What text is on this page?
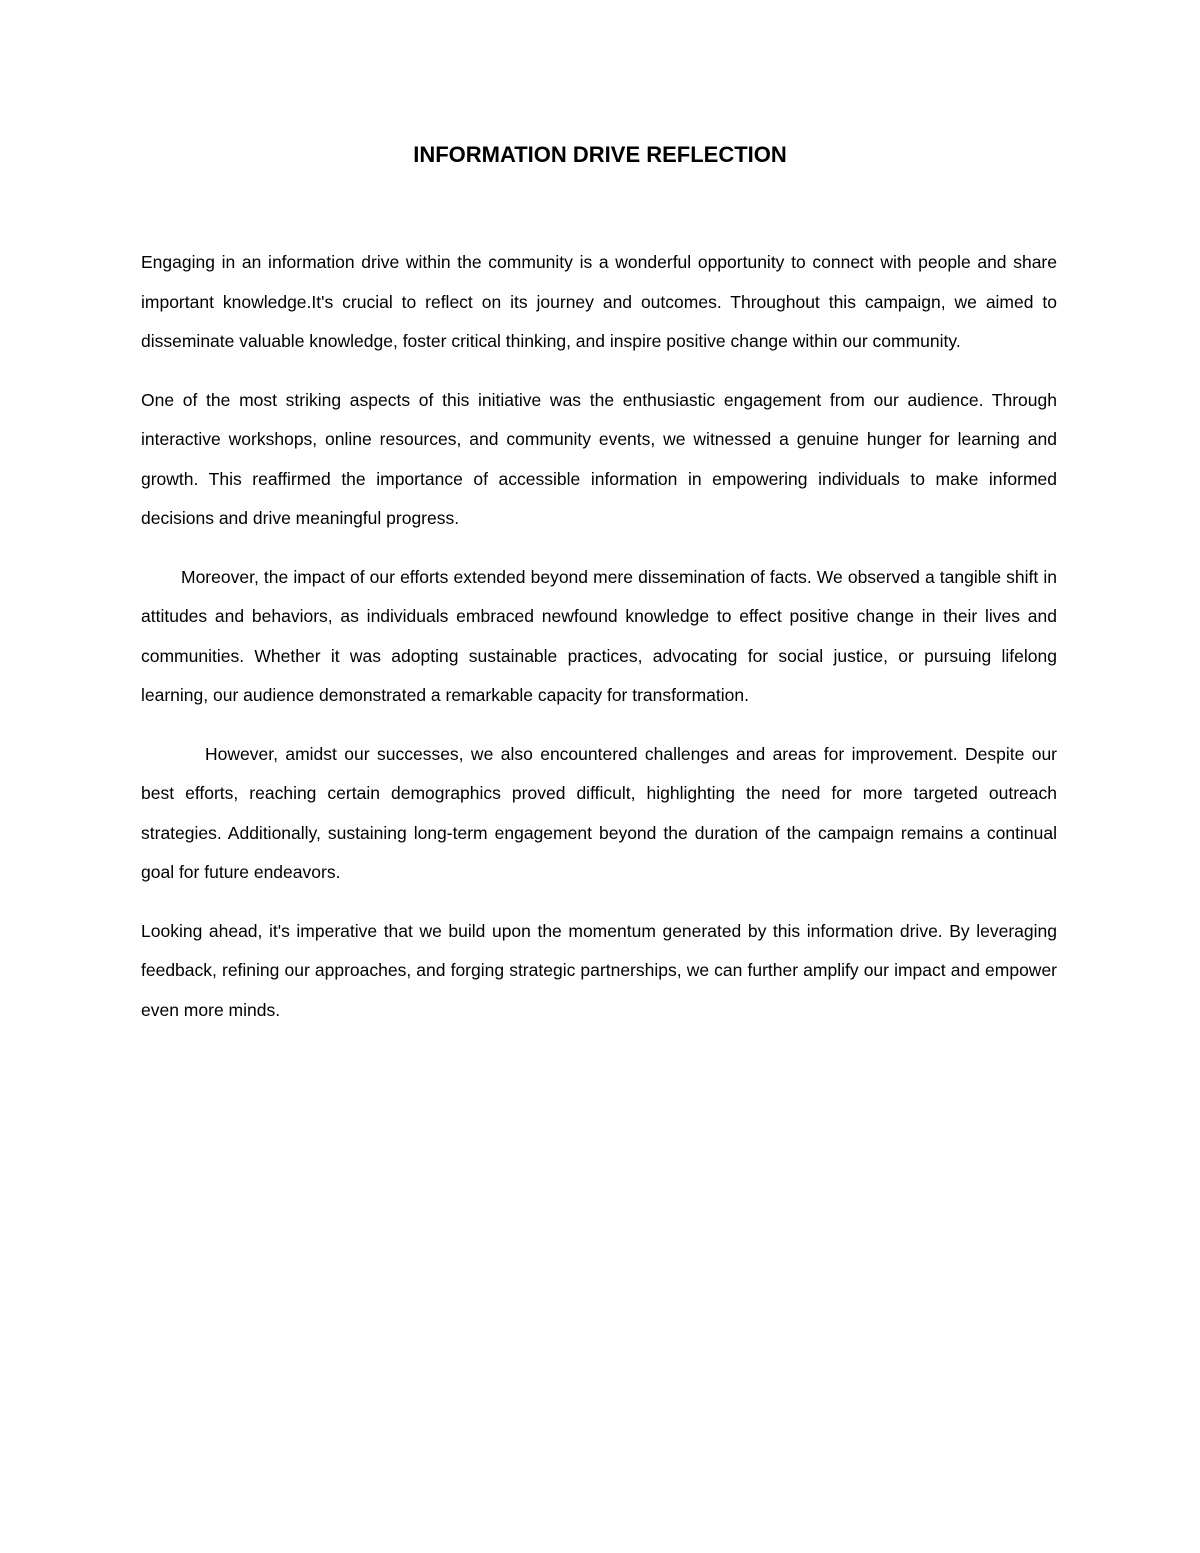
INFORMATION DRIVE REFLECTION

Engaging in an information drive within the community is a wonderful opportunity to connect with people and share important knowledge.It's crucial to reflect on its journey and outcomes. Throughout this campaign, we aimed to disseminate valuable knowledge, foster critical thinking, and inspire positive change within our community.

One of the most striking aspects of this initiative was the enthusiastic engagement from our audience. Through interactive workshops, online resources, and community events, we witnessed a genuine hunger for learning and growth. This reaffirmed the importance of accessible information in empowering individuals to make informed decisions and drive meaningful progress.

Moreover, the impact of our efforts extended beyond mere dissemination of facts. We observed a tangible shift in attitudes and behaviors, as individuals embraced newfound knowledge to effect positive change in their lives and communities. Whether it was adopting sustainable practices, advocating for social justice, or pursuing lifelong learning, our audience demonstrated a remarkable capacity for transformation.

However, amidst our successes, we also encountered challenges and areas for improvement. Despite our best efforts, reaching certain demographics proved difficult, highlighting the need for more targeted outreach strategies. Additionally, sustaining long-term engagement beyond the duration of the campaign remains a continual goal for future endeavors.

Looking ahead, it's imperative that we build upon the momentum generated by this information drive. By leveraging feedback, refining our approaches, and forging strategic partnerships, we can further amplify our impact and empower even more minds.
